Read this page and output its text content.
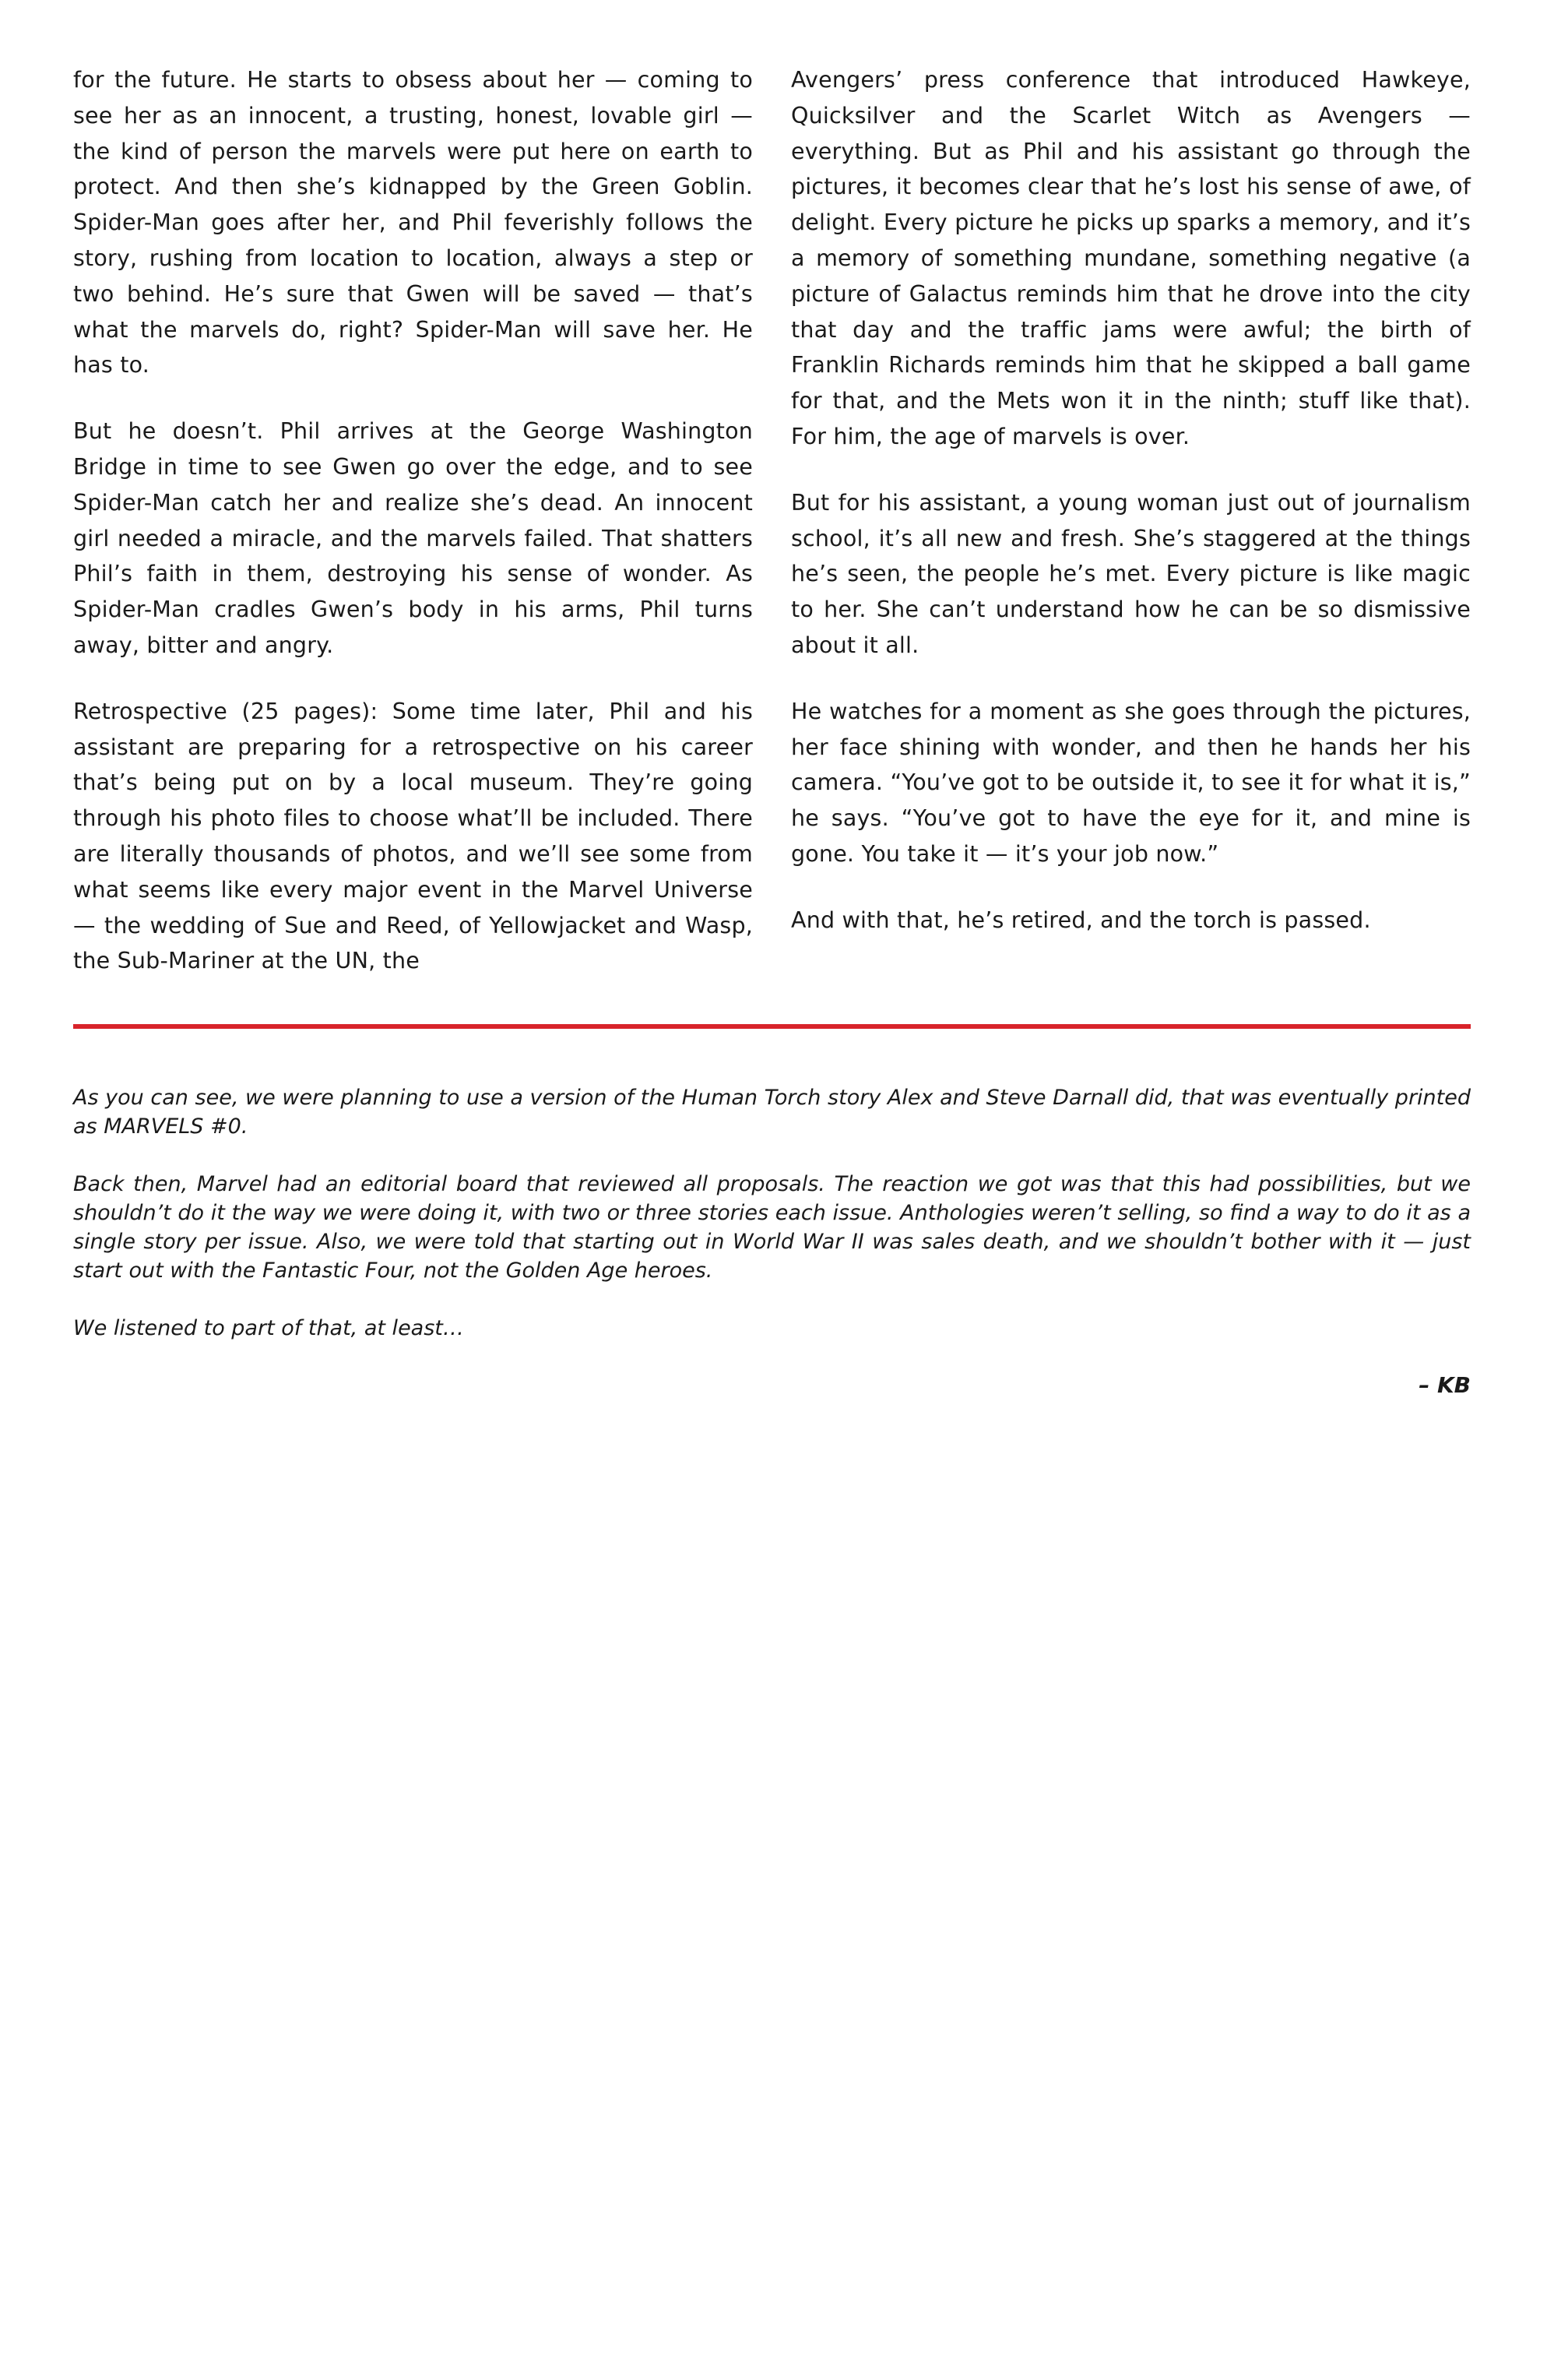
for the future. He starts to obsess about her — coming to see her as an innocent, a trusting, honest, lovable girl — the kind of person the marvels were put here on earth to protect. And then she’s kidnapped by the Green Goblin. Spider-Man goes after her, and Phil feverishly follows the story, rushing from location to location, always a step or two behind. He’s sure that Gwen will be saved — that’s what the marvels do, right? Spider-Man will save her. He has to.

But he doesn’t. Phil arrives at the George Washington Bridge in time to see Gwen go over the edge, and to see Spider-Man catch her and realize she’s dead. An innocent girl needed a miracle, and the marvels failed. That shatters Phil’s faith in them, destroying his sense of wonder. As Spider-Man cradles Gwen’s body in his arms, Phil turns away, bitter and angry.

Retrospective (25 pages): Some time later, Phil and his assistant are preparing for a retrospective on his career that’s being put on by a local museum. They’re going through his photo files to choose what’ll be included. There are literally thousands of photos, and we’ll see some from what seems like every major event in the Marvel Universe — the wedding of Sue and Reed, of Yellowjacket and Wasp, the Sub-Mariner at the UN, the

Avengers’ press conference that introduced Hawkeye, Quicksilver and the Scarlet Witch as Avengers — everything. But as Phil and his assistant go through the pictures, it becomes clear that he’s lost his sense of awe, of delight. Every picture he picks up sparks a memory, and it’s a memory of something mundane, something negative (a picture of Galactus reminds him that he drove into the city that day and the traffic jams were awful; the birth of Franklin Richards reminds him that he skipped a ball game for that, and the Mets won it in the ninth; stuff like that). For him, the age of marvels is over.

But for his assistant, a young woman just out of journalism school, it’s all new and fresh. She’s staggered at the things he’s seen, the people he’s met. Every picture is like magic to her. She can’t understand how he can be so dismissive about it all.

He watches for a moment as she goes through the pictures, her face shining with wonder, and then he hands her his camera. “You’ve got to be outside it, to see it for what it is,” he says. “You’ve got to have the eye for it, and mine is gone. You take it — it’s your job now.”

And with that, he’s retired, and the torch is passed.

As you can see, we were planning to use a version of the Human Torch story Alex and Steve Darnall did, that was eventually printed as MARVELS #0.

Back then, Marvel had an editorial board that reviewed all proposals. The reaction we got was that this had possibilities, but we shouldn’t do it the way we were doing it, with two or three stories each issue. Anthologies weren’t selling, so find a way to do it as a single story per issue. Also, we were told that starting out in World War II was sales death, and we shouldn’t bother with it — just start out with the Fantastic Four, not the Golden Age heroes.

We listened to part of that, at least…

– KB
